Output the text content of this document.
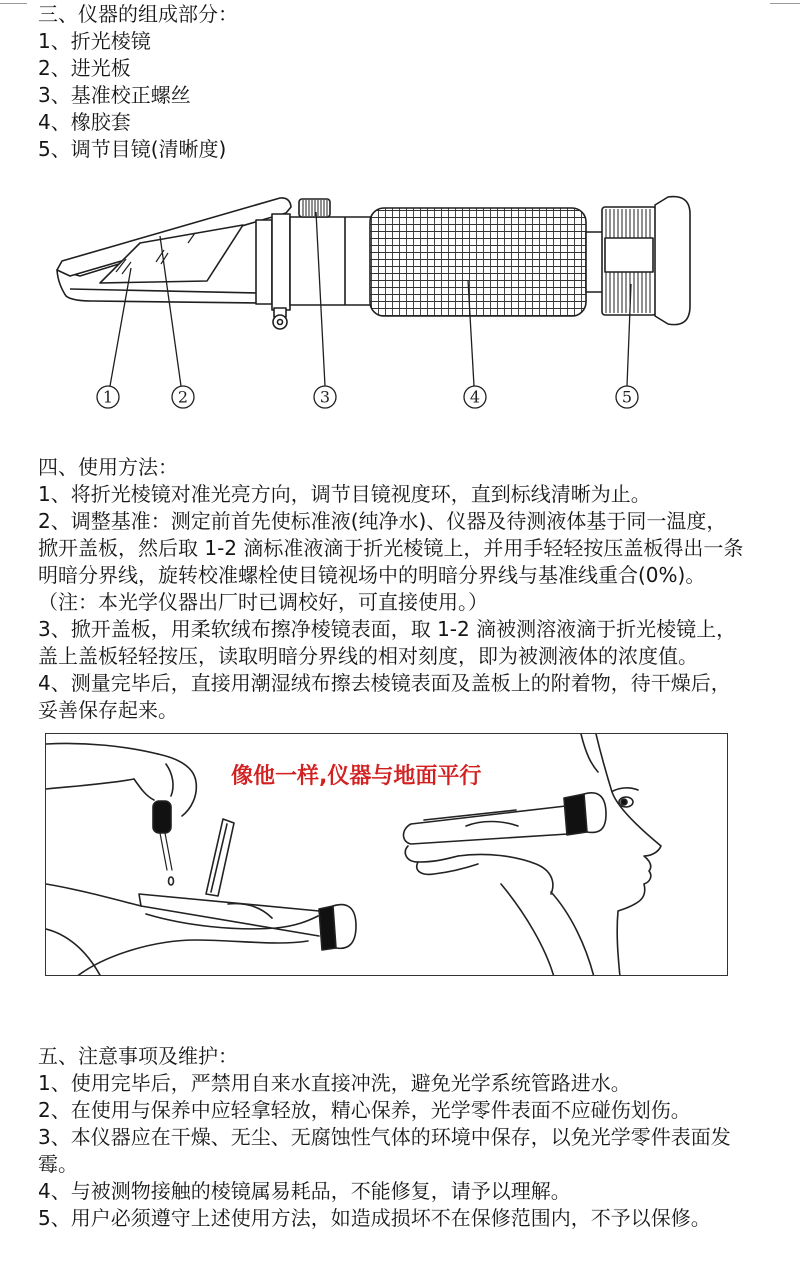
三、仪器的组成部分：
1、折光棱镜
2、进光板
3、基准校正螺丝
4、橡胶套
5、调节目镜(清晰度)
1	2	3	4	5
四、使用方法：
1、将折光棱镜对准光亮方向，调节目镜视度环，直到标线清晰为止。
2、调整基准：测定前首先使标准液(纯净水)、仪器及待测液体基于同一温度，
掀开盖板，然后取 1-2 滴标准液滴于折光棱镜上，并用手轻轻按压盖板得出一条
明暗分界线，旋转校准螺栓使目镜视场中的明暗分界线与基准线重合(0%)。
（注：本光学仪器出厂时已调校好，可直接使用。）
3、掀开盖板，用柔软绒布擦净棱镜表面，取 1-2 滴被测溶液滴于折光棱镜上，
盖上盖板轻轻按压，读取明暗分界线的相对刻度，即为被测液体的浓度值。
4、测量完毕后，直接用潮湿绒布擦去棱镜表面及盖板上的附着物，待干燥后，
妥善保存起来。
像他一样,仪器与地面平行
五、注意事项及维护：
1、使用完毕后，严禁用自来水直接冲洗，避免光学系统管路进水。
2、在使用与保养中应轻拿轻放，精心保养，光学零件表面不应碰伤划伤。
3、本仪器应在干燥、无尘、无腐蚀性气体的环境中保存，以免光学零件表面发
霉。
4、与被测物接触的棱镜属易耗品，不能修复，请予以理解。
5、用户必须遵守上述使用方法，如造成损坏不在保修范围内，不予以保修。
